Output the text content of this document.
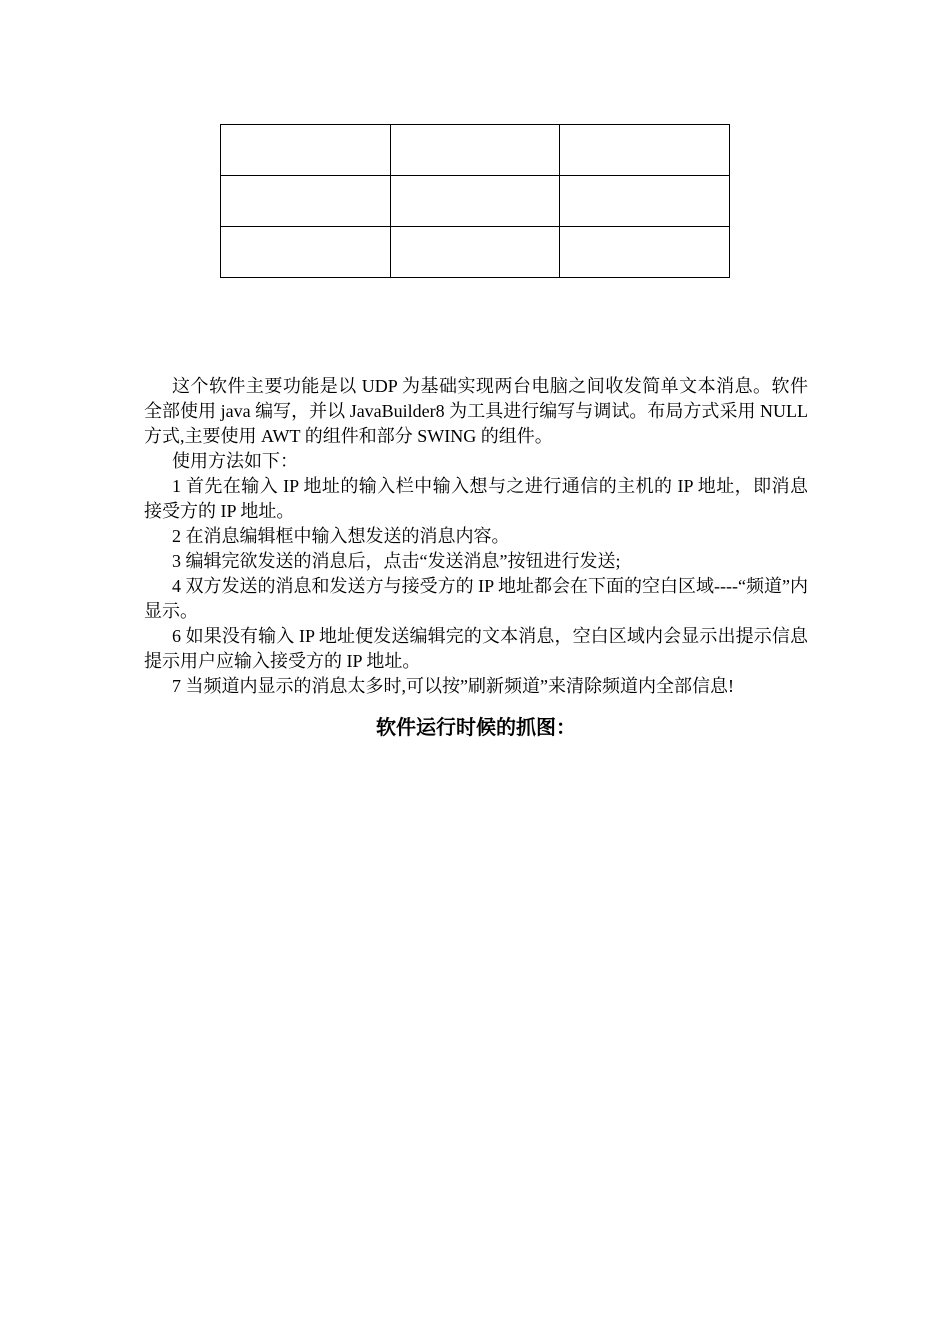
这个软件主要功能是以 UDP 为基础实现两台电脑之间收发简单文本消息。软件全部使用 java 编写，并以 JavaBuilder8 为工具进行编写与调试。布局方式采用 NULL 方式,主要使用 AWT 的组件和部分 SWING 的组件。

使用方法如下：

1 首先在输入 IP 地址的输入栏中输入想与之进行通信的主机的 IP 地址，即消息接受方的 IP 地址。

2 在消息编辑框中输入想发送的消息内容。

3 编辑完欲发送的消息后，点击“发送消息”按钮进行发送;

4 双方发送的消息和发送方与接受方的 IP 地址都会在下面的空白区域----“频道”内显示。

6 如果没有输入 IP 地址便发送编辑完的文本消息，空白区域内会显示出提示信息提示用户应输入接受方的 IP 地址。

7 当频道内显示的消息太多时,可以按”刷新频道”来清除频道内全部信息!

软件运行时候的抓图：
